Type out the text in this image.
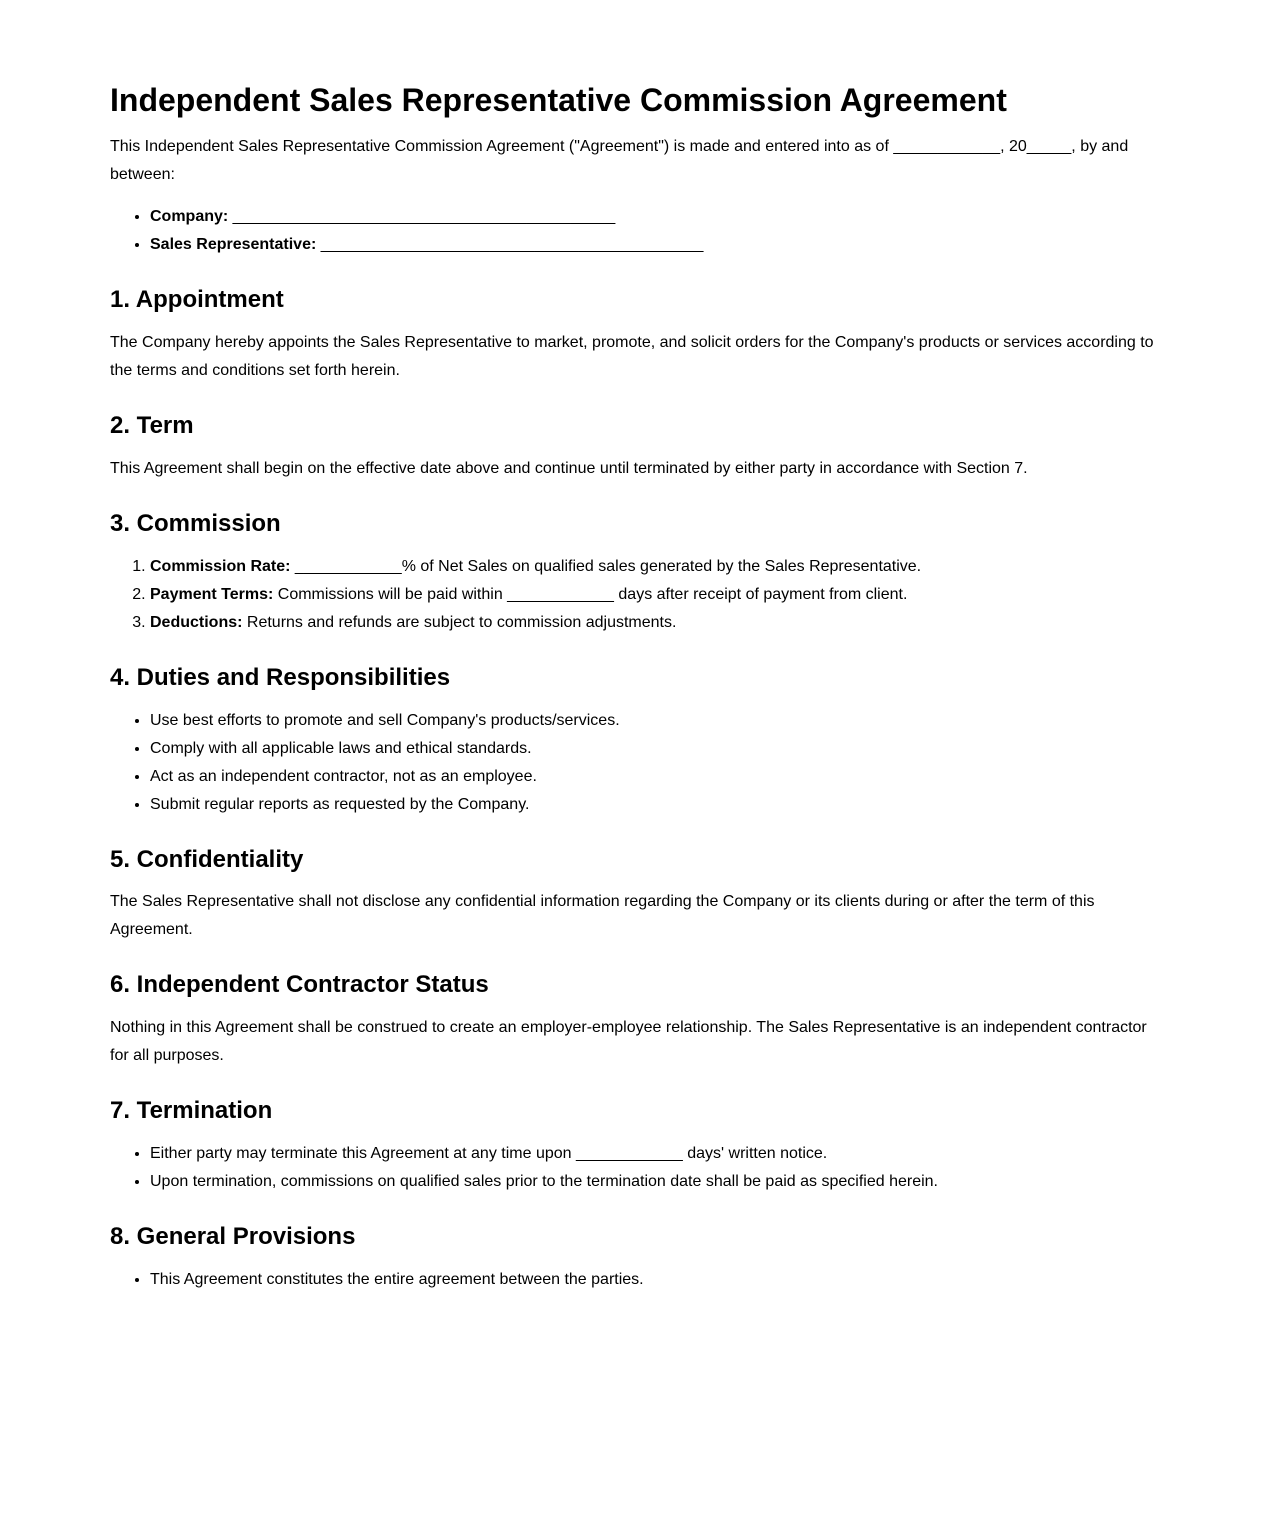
Independent Sales Representative Commission Agreement

This Independent Sales Representative Commission Agreement ("Agreement") is made and entered into as of ____________, 20_____, by and between:

• Company: ___________________________________________
• Sales Representative: ___________________________________________
1. Appointment

The Company hereby appoints the Sales Representative to market, promote, and solicit orders for the Company's products or services according to the terms and conditions set forth herein.

2. Term

This Agreement shall begin on the effective date above and continue until terminated by either party in accordance with Section 7.

3. Commission
1. Commission Rate: ____________% of Net Sales on qualified sales generated by the Sales Representative.
2. Payment Terms: Commissions will be paid within ____________ days after receipt of payment from client.
3. Deductions: Returns and refunds are subject to commission adjustments.
4. Duties and Responsibilities
• Use best efforts to promote and sell Company's products/services.
• Comply with all applicable laws and ethical standards.
• Act as an independent contractor, not as an employee.
• Submit regular reports as requested by the Company.
5. Confidentiality

The Sales Representative shall not disclose any confidential information regarding the Company or its clients during or after the term of this Agreement.

6. Independent Contractor Status

Nothing in this Agreement shall be construed to create an employer-employee relationship. The Sales Representative is an independent contractor for all purposes.

7. Termination
• Either party may terminate this Agreement at any time upon ____________ days' written notice.
• Upon termination, commissions on qualified sales prior to the termination date shall be paid as specified herein.
8. General Provisions
• This Agreement constitutes the entire agreement between the parties.
